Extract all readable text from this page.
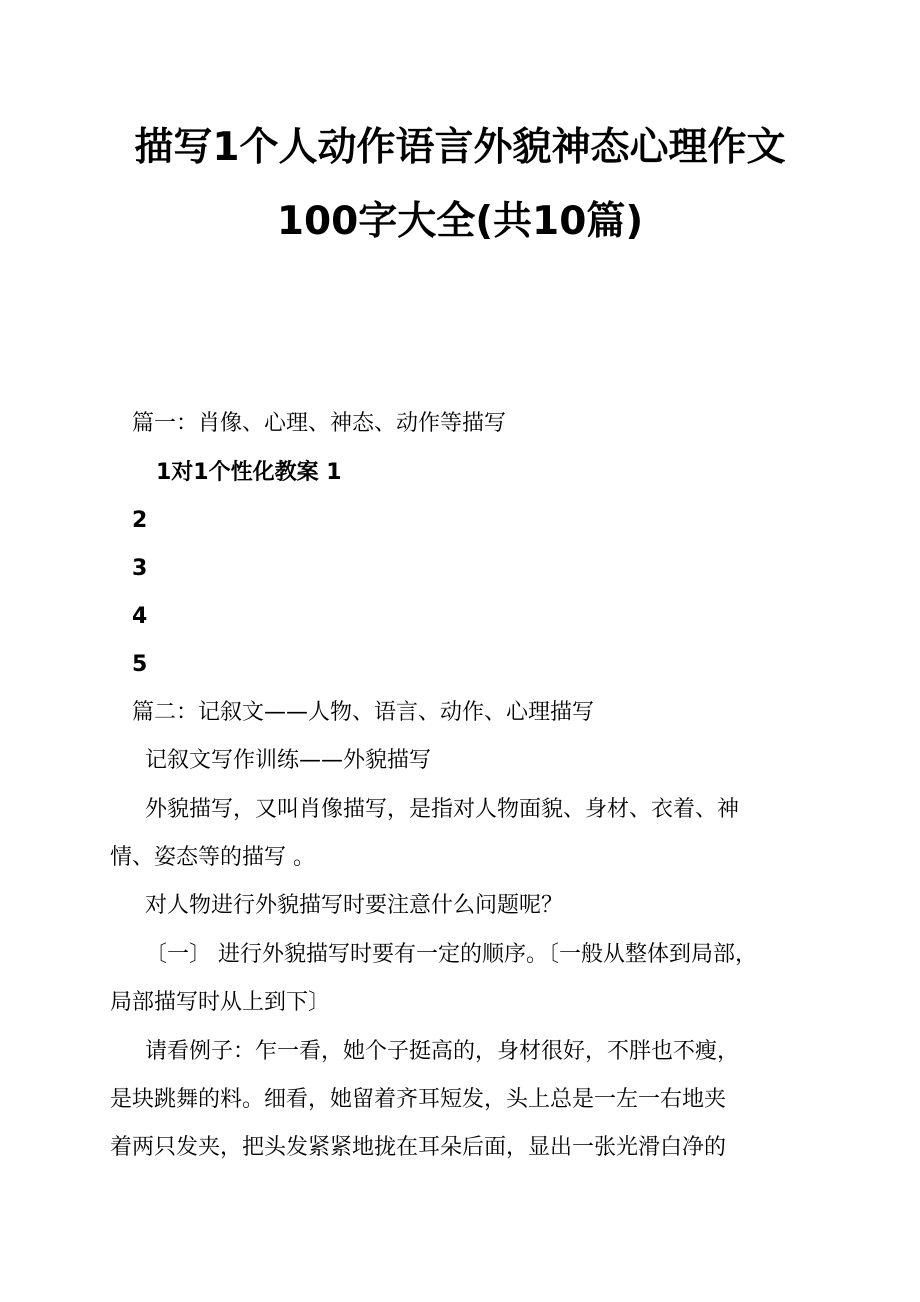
描写1个人动作语言外貌神态心理作文
100字大全(共10篇)
篇一：肖像、心理、神态、动作等描写
1对1个性化教案 1
2
3
4
5
篇二：记叙文——人物、语言、动作、心理描写
记叙文写作训练——外貌描写
外貌描写，又叫肖像描写，是指对人物面貌、身材、衣着、神
情、姿态等的描写 。
对人物进行外貌描写时要注意什么问题呢？
〔一〕 进行外貌描写时要有一定的顺序。〔一般从整体到局部，
局部描写时从上到下〕
请看例子：乍一看，她个子挺高的，身材很好，不胖也不瘦，
是块跳舞的料。细看，她留着齐耳短发，头上总是一左一右地夹
着两只发夹，把头发紧紧地拢在耳朵后面，显出一张光滑白净的
